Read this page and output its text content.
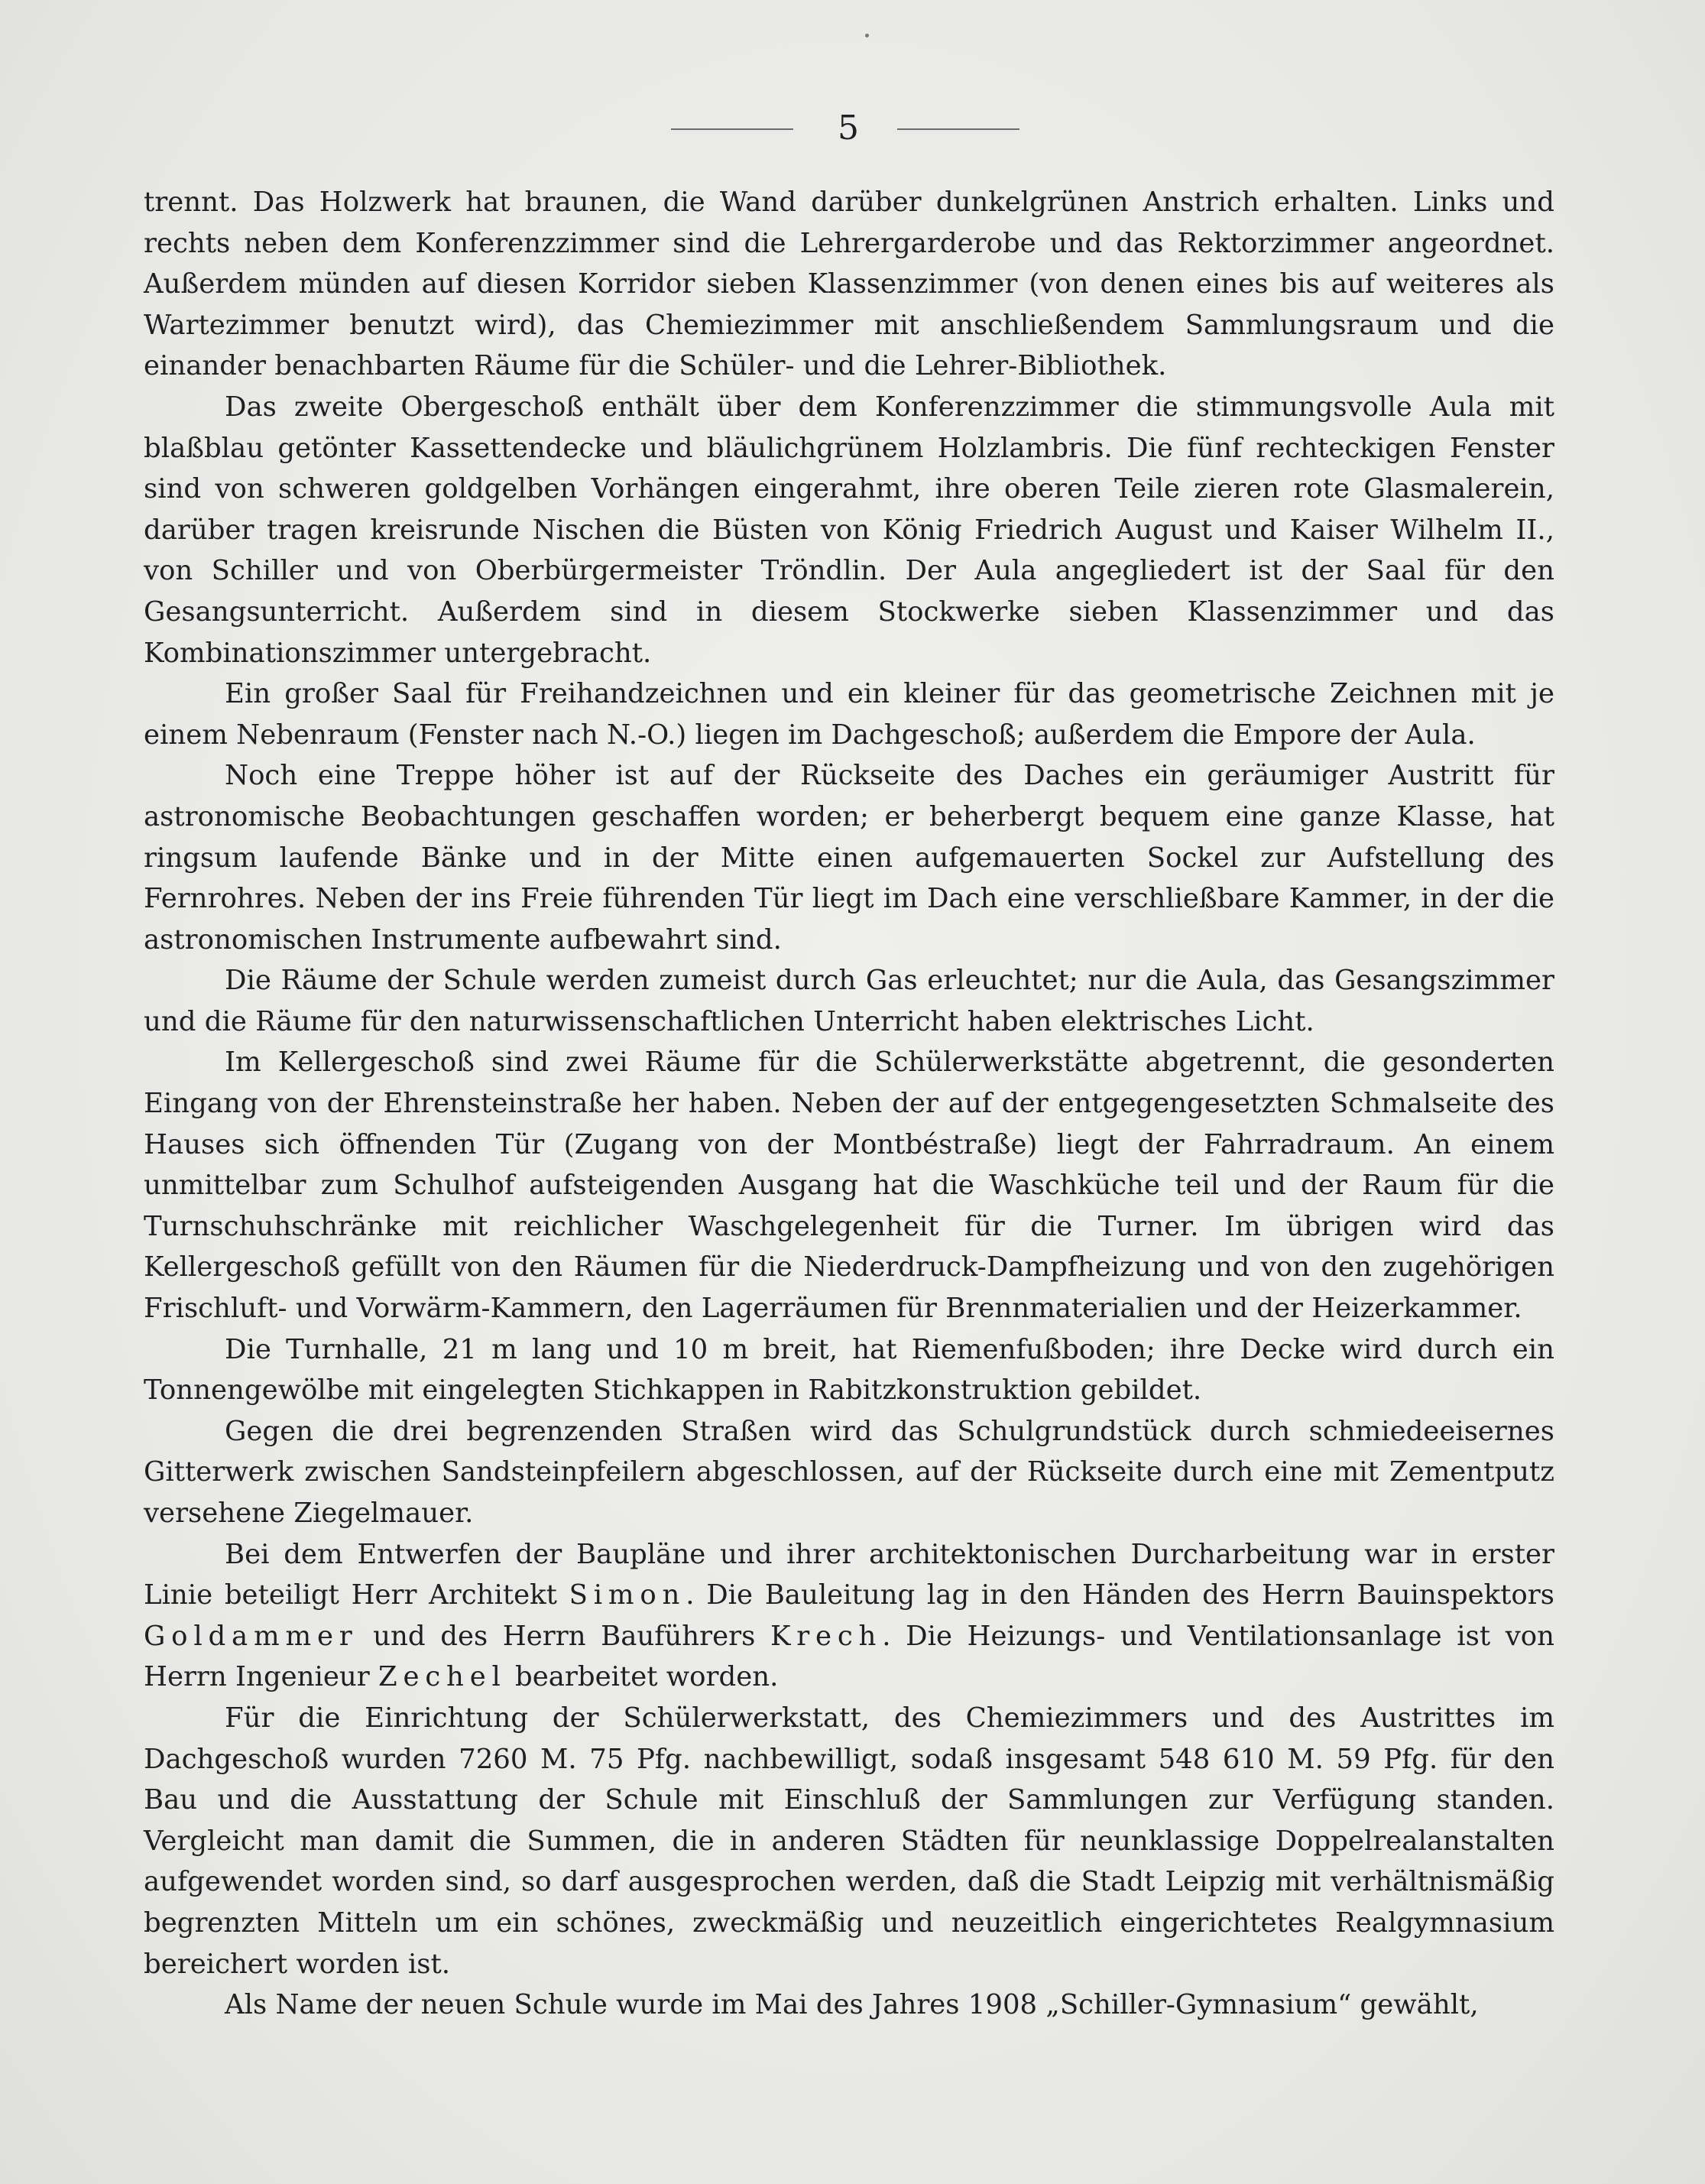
5

trennt. Das Holzwerk hat braunen, die Wand darüber dunkelgrünen Anstrich erhalten. Links und rechts neben dem Konferenzzimmer sind die Lehrergarderobe und das Rektorzimmer angeordnet. Außerdem münden auf diesen Korridor sieben Klassenzimmer (von denen eines bis auf weiteres als Wartezimmer benutzt wird), das Chemiezimmer mit anschließendem Sammlungsraum und die einander benachbarten Räume für die Schüler- und die Lehrer-Bibliothek.

Das zweite Obergeschoß enthält über dem Konferenzzimmer die stimmungsvolle Aula mit blaßblau getönter Kassettendecke und bläulichgrünem Holzlambris. Die fünf rechteckigen Fenster sind von schweren goldgelben Vorhängen eingerahmt, ihre oberen Teile zieren rote Glasmalerein, darüber tragen kreisrunde Nischen die Büsten von König Friedrich August und Kaiser Wilhelm II., von Schiller und von Oberbürgermeister Tröndlin. Der Aula angegliedert ist der Saal für den Gesangsunterricht. Außerdem sind in diesem Stockwerke sieben Klassenzimmer und das Kombinationszimmer untergebracht.

Ein großer Saal für Freihandzeichnen und ein kleiner für das geometrische Zeichnen mit je einem Nebenraum (Fenster nach N.-O.) liegen im Dachgeschoß; außerdem die Empore der Aula.

Noch eine Treppe höher ist auf der Rückseite des Daches ein geräumiger Austritt für astronomische Beobachtungen geschaffen worden; er beherbergt bequem eine ganze Klasse, hat ringsum laufende Bänke und in der Mitte einen aufgemauerten Sockel zur Aufstellung des Fernrohres. Neben der ins Freie führenden Tür liegt im Dach eine verschließbare Kammer, in der die astronomischen Instrumente aufbewahrt sind.

Die Räume der Schule werden zumeist durch Gas erleuchtet; nur die Aula, das Gesangszimmer und die Räume für den naturwissenschaftlichen Unterricht haben elektrisches Licht.

Im Kellergeschoß sind zwei Räume für die Schülerwerkstätte abgetrennt, die gesonderten Eingang von der Ehrensteinstraße her haben. Neben der auf der entgegengesetzten Schmalseite des Hauses sich öffnenden Tür (Zugang von der Montbéstraße) liegt der Fahrradraum. An einem unmittelbar zum Schulhof aufsteigenden Ausgang hat die Waschküche teil und der Raum für die Turnschuhschränke mit reichlicher Waschgelegenheit für die Turner. Im übrigen wird das Kellergeschoß gefüllt von den Räumen für die Niederdruck-Dampfheizung und von den zugehörigen Frischluft- und Vorwärm-Kammern, den Lagerräumen für Brennmaterialien und der Heizerkammer.

Die Turnhalle, 21 m lang und 10 m breit, hat Riemenfußboden; ihre Decke wird durch ein Tonnengewölbe mit eingelegten Stichkappen in Rabitzkonstruktion gebildet.

Gegen die drei begrenzenden Straßen wird das Schulgrundstück durch schmiedeeisernes Gitterwerk zwischen Sandsteinpfeilern abgeschlossen, auf der Rückseite durch eine mit Zementputz versehene Ziegelmauer.

Bei dem Entwerfen der Baupläne und ihrer architektonischen Durcharbeitung war in erster Linie beteiligt Herr Architekt Simon. Die Bauleitung lag in den Händen des Herrn Bauinspektors Goldammer und des Herrn Bauführers Krech. Die Heizungs- und Ventilationsanlage ist von Herrn Ingenieur Zechel bearbeitet worden.

Für die Einrichtung der Schülerwerkstatt, des Chemiezimmers und des Austrittes im Dachgeschoß wurden 7260 M. 75 Pfg. nachbewilligt, sodaß insgesamt 548 610 M. 59 Pfg. für den Bau und die Ausstattung der Schule mit Einschluß der Sammlungen zur Verfügung standen. Vergleicht man damit die Summen, die in anderen Städten für neunklassige Doppelrealanstalten aufgewendet worden sind, so darf ausgesprochen werden, daß die Stadt Leipzig mit verhältnismäßig begrenzten Mitteln um ein schönes, zweckmäßig und neuzeitlich eingerichtetes Realgymnasium bereichert worden ist.

Als Name der neuen Schule wurde im Mai des Jahres 1908 „Schiller-Gymnasium“ gewählt,
